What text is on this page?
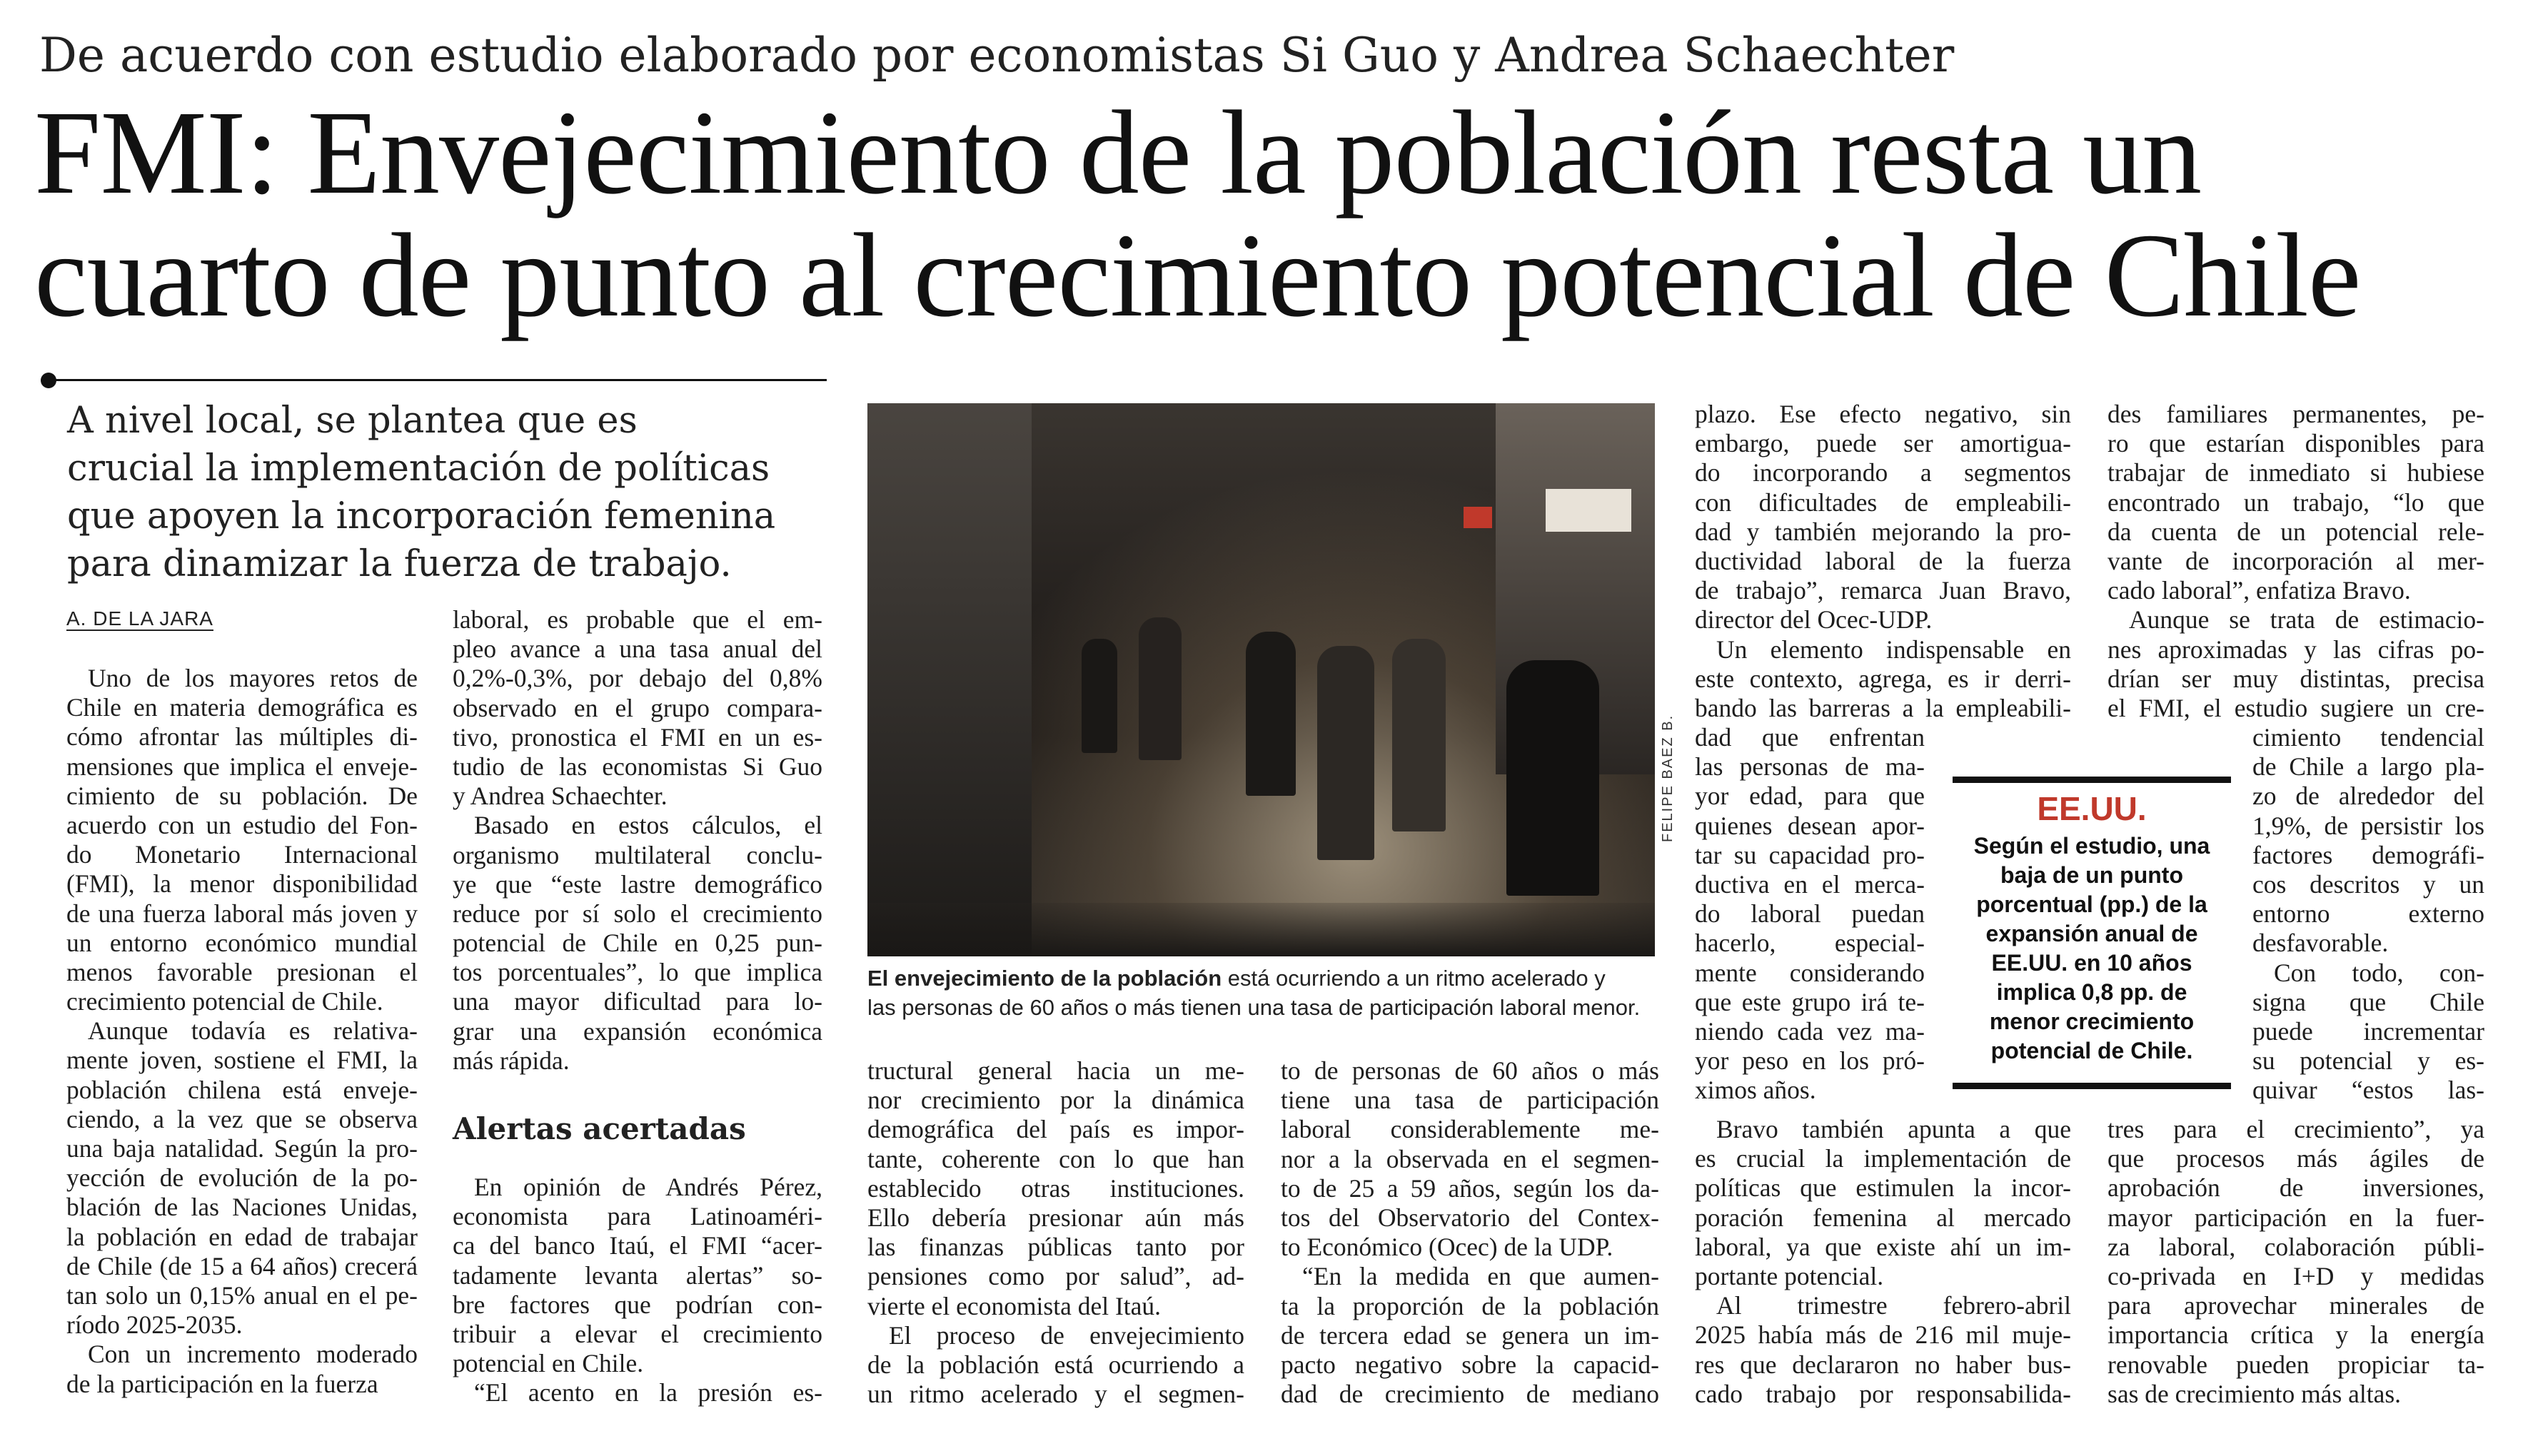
De acuerdo con estudio elaborado por economistas Si Guo y Andrea Schaechter
FMI: Envejecimiento de la población resta un
cuarto de punto al crecimiento potencial de Chile
A nivel local, se plantea que es
crucial la implementación de políticas
que apoyen la incorporación femenina
para dinamizar la fuerza de trabajo.
A. DE LA JARA
Uno de los mayores retos de
Chile en materia demográfica es
cómo afrontar las múltiples di-
mensiones que implica el enveje-
cimiento de su población. De
acuerdo con un estudio del Fon-
do Monetario Internacional
(FMI), la menor disponibilidad
de una fuerza laboral más joven y
un entorno económico mundial
menos favorable presionan el
crecimiento potencial de Chile.
Aunque todavía es relativa-
mente joven, sostiene el FMI, la
población chilena está enveje-
ciendo, a la vez que se observa
una baja natalidad. Según la pro-
yección de evolución de la po-
blación de las Naciones Unidas,
la población en edad de trabajar
de Chile (de 15 a 64 años) crecerá
tan solo un 0,15% anual en el pe-
ríodo 2025-2035.
Con un incremento moderado
de la participación en la fuerza
laboral, es probable que el em-
pleo avance a una tasa anual del
0,2%-0,3%, por debajo del 0,8%
observado en el grupo compara-
tivo, pronostica el FMI en un es-
tudio de las economistas Si Guo
y Andrea Schaechter.
Basado en estos cálculos, el
organismo multilateral conclu-
ye que “este lastre demográfico
reduce por sí solo el crecimiento
potencial de Chile en 0,25 pun-
tos porcentuales”, lo que implica
una mayor dificultad para lo-
grar una expansión económica
más rápida.
Alertas acertadas
En opinión de Andrés Pérez,
economista para Latinoaméri-
ca del banco Itaú, el FMI “acer-
tadamente levanta alertas” so-
bre factores que podrían con-
tribuir a elevar el crecimiento
potencial en Chile.
“El acento en la presión es-
FELIPE BAEZ B.
El envejecimiento de la población está ocurriendo a un ritmo acelerado y
las personas de 60 años o más tienen una tasa de participación laboral menor.
tructural general hacia un me-
nor crecimiento por la dinámica
demográfica del país es impor-
tante, coherente con lo que han
establecido otras instituciones.
Ello debería presionar aún más
las finanzas públicas tanto por
pensiones como por salud”, ad-
vierte el economista del Itaú.
El proceso de envejecimiento
de la población está ocurriendo a
un ritmo acelerado y el segmen-
to de personas de 60 años o más
tiene una tasa de participación
laboral considerablemente me-
nor a la observada en el segmen-
to de 25 a 59 años, según los da-
tos del Observatorio del Contex-
to Económico (Ocec) de la UDP.
“En la medida en que aumen-
ta la proporción de la población
de tercera edad se genera un im-
pacto negativo sobre la capacid-
dad de crecimiento de mediano
plazo. Ese efecto negativo, sin
embargo, puede ser amortigua-
do incorporando a segmentos
con dificultades de empleabili-
dad y también mejorando la pro-
ductividad laboral de la fuerza
de trabajo”, remarca Juan Bravo,
director del Ocec-UDP.
Un elemento indispensable en
este contexto, agrega, es ir derri-
bando las barreras a la empleabili-
dad que enfrentan
las personas de ma-
yor edad, para que
quienes desean apor-
tar su capacidad pro-
ductiva en el merca-
do laboral puedan
hacerlo, especial-
mente considerando
que este grupo irá te-
niendo cada vez ma-
yor peso en los pró-
ximos años.
Bravo también apunta a que
es crucial la implementación de
políticas que estimulen la incor-
poración femenina al mercado
laboral, ya que existe ahí un im-
portante potencial.
Al trimestre febrero-abril
2025 había más de 216 mil muje-
res que declararon no haber bus-
cado trabajo por responsabilida-
EE.UU.
Según el estudio, una
baja de un punto
porcentual (pp.) de la
expansión anual de
EE.UU. en 10 años
implica 0,8 pp. de
menor crecimiento
potencial de Chile.
des familiares permanentes, pe-
ro que estarían disponibles para
trabajar de inmediato si hubiese
encontrado un trabajo, “lo que
da cuenta de un potencial rele-
vante de incorporación al mer-
cado laboral”, enfatiza Bravo.
Aunque se trata de estimacio-
nes aproximadas y las cifras po-
drían ser muy distintas, precisa
el FMI, el estudio sugiere un cre-
cimiento tendencial
de Chile a largo pla-
zo de alrededor del
1,9%, de persistir los
factores demográfi-
cos descritos y un
entorno externo
desfavorable.
Con todo, con-
signa que Chile
puede incrementar
su potencial y es-
quivar “estos las-
tres para el crecimiento”, ya
que procesos más ágiles de
aprobación de inversiones,
mayor participación en la fuer-
za laboral, colaboración públi-
co-privada en I+D y medidas
para aprovechar minerales de
importancia crítica y la energía
renovable pueden propiciar ta-
sas de crecimiento más altas.
